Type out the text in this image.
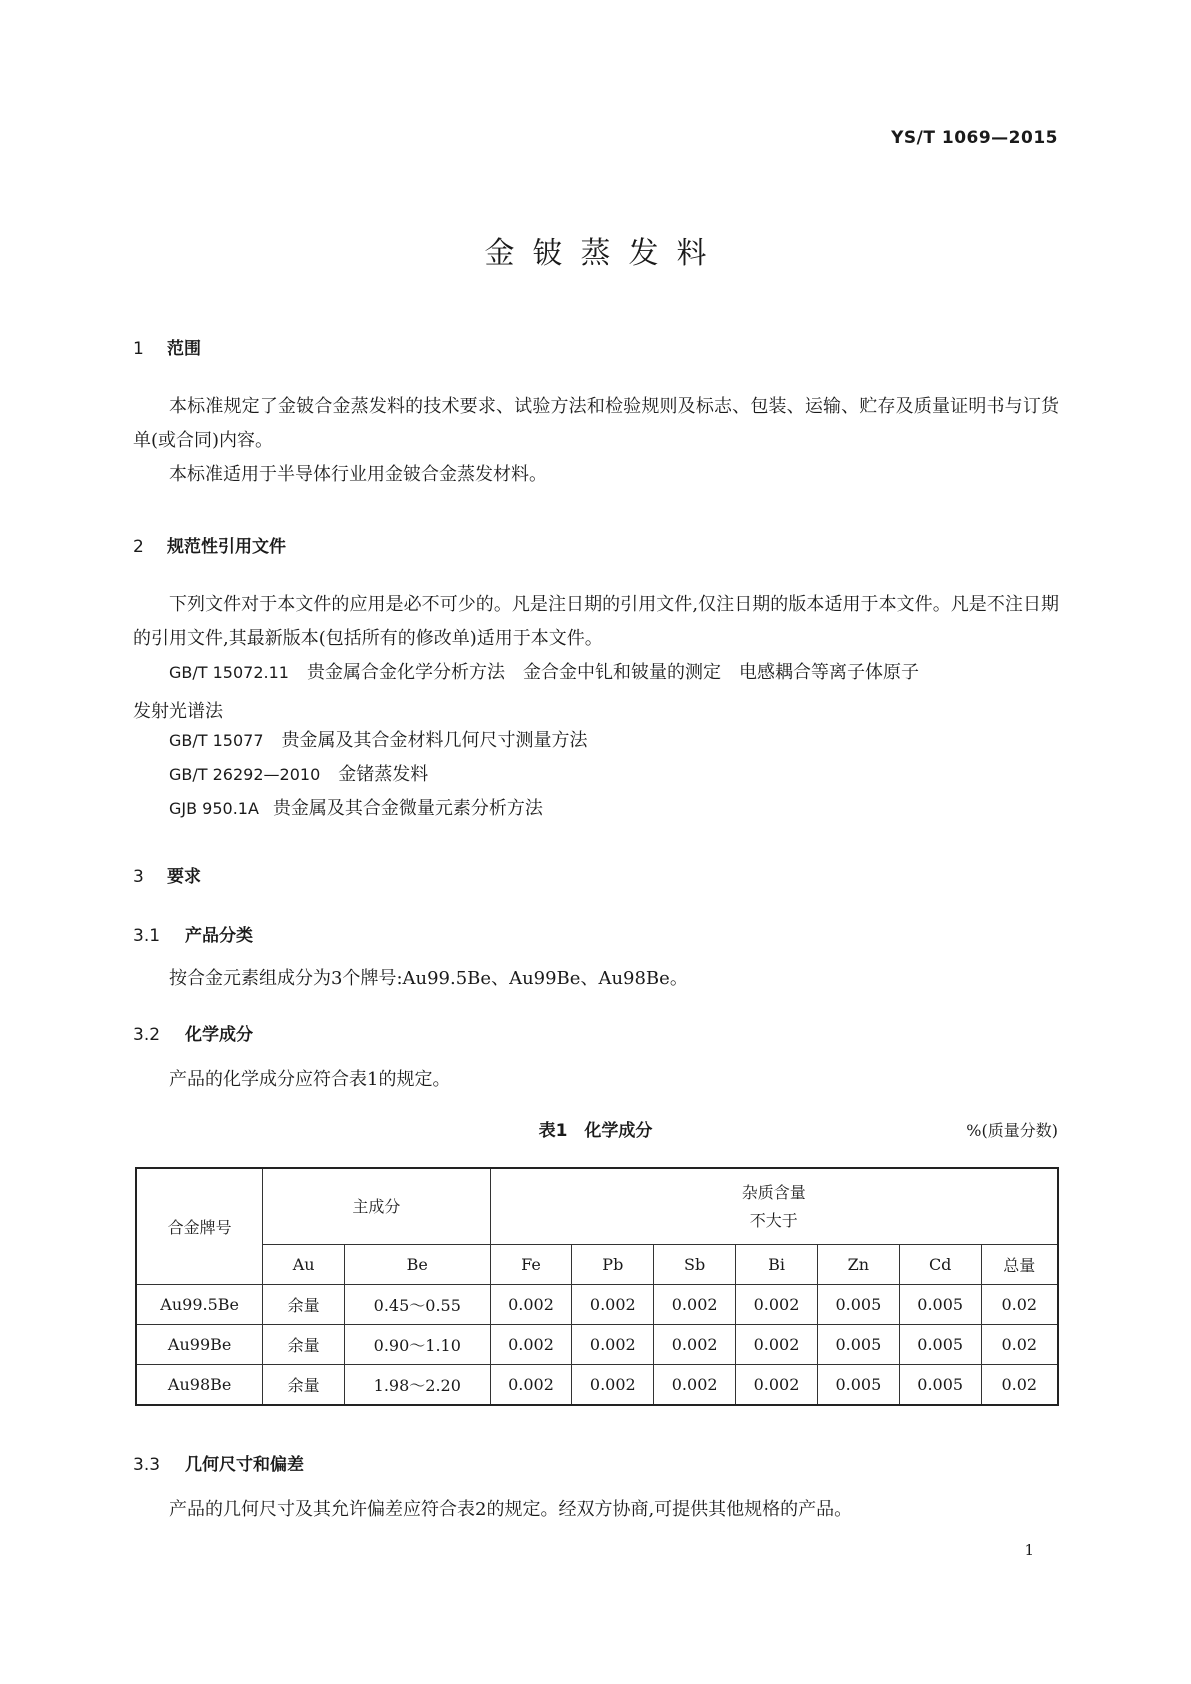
YS/T 1069—2015
金铍蒸发料
1 范围

本标准规定了金铍合金蒸发料的技术要求、试验方法和检验规则及标志、包装、运输、贮存及质量证明书与订货单(或合同)内容。

本标准适用于半导体行业用金铍合金蒸发材料。

2 规范性引用文件

下列文件对于本文件的应用是必不可少的。凡是注日期的引用文件,仅注日期的版本适用于本文件。凡是不注日期的引用文件,其最新版本(包括所有的修改单)适用于本文件。

GB/T 15072.11 贵金属合金化学分析方法　金合金中钆和铍量的测定　电感耦合等离子体原子
发射光谱法
GB/T 15077 贵金属及其合金材料几何尺寸测量方法
GB/T 26292—2010 金锗蒸发料
GJB 950.1A 贵金属及其合金微量元素分析方法
3 要求
3.1 产品分类

按合金元素组成分为3个牌号:Au99.5Be、Au99Be、Au98Be。

3.2 化学成分

产品的化学成分应符合表1的规定。

表1　化学成分	%(质量分数)
合金牌号	主成分		杂质含量
不大于						

	Au	Be	Fe	Pb	Sb	Bi	Zn	Cd	总量
Au99.5Be	余量	0.45～0.55	0.002	0.002	0.002	0.002	0.005	0.005	0.02
Au99Be	余量	0.90～1.10	0.002	0.002	0.002	0.002	0.005	0.005	0.02
Au98Be	余量	1.98～2.20	0.002	0.002	0.002	0.002	0.005	0.005	0.02
3.3 几何尺寸和偏差

产品的几何尺寸及其允许偏差应符合表2的规定。经双方协商,可提供其他规格的产品。

1
